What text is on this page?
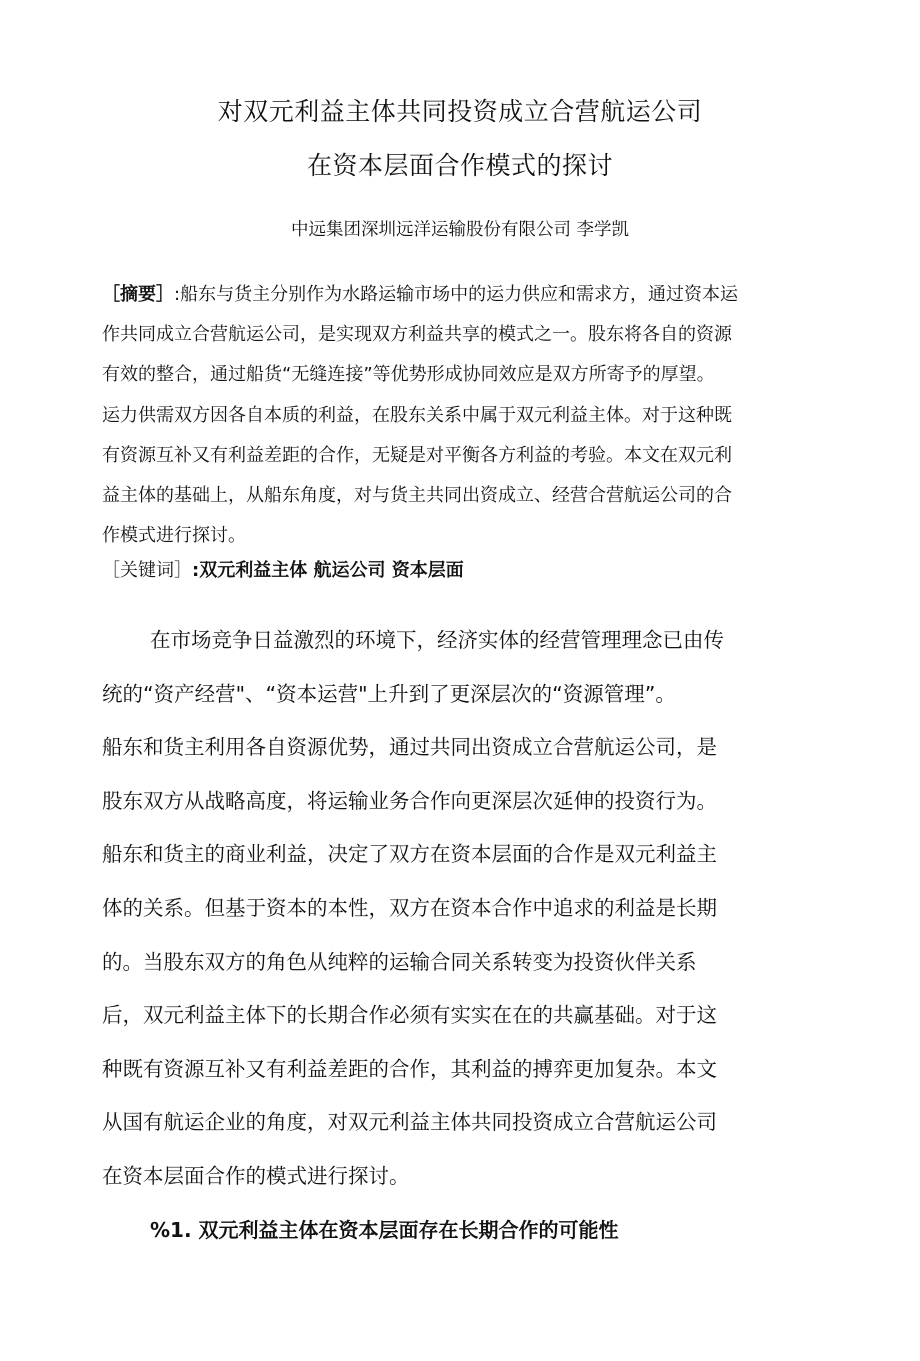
对双元利益主体共同投资成立合营航运公司
在资本层面合作模式的探讨
中远集团深圳远洋运输股份有限公司 李学凯
［摘要］:船东与货主分别作为水路运输市场中的运力供应和需求方，通过资本运
作共同成立合营航运公司，是实现双方利益共享的模式之一。股东将各自的资源
有效的整合，通过船货“无缝连接”等优势形成协同效应是双方所寄予的厚望。
运力供需双方因各自本质的利益，在股东关系中属于双元利益主体。对于这种既
有资源互补又有利益差距的合作，无疑是对平衡各方利益的考验。本文在双元利
益主体的基础上，从船东角度，对与货主共同出资成立、经营合营航运公司的合
作模式进行探讨。
［关键词］:双元利益主体 航运公司 资本层面
在市场竞争日益激烈的环境下，经济实体的经营管理理念已由传
统的“资产经营"、“资本运营"上升到了更深层次的“资源管理”。
船东和货主利用各自资源优势，通过共同出资成立合营航运公司，是
股东双方从战略高度，将运输业务合作向更深层次延伸的投资行为。
船东和货主的商业利益，决定了双方在资本层面的合作是双元利益主
体的关系。但基于资本的本性，双方在资本合作中追求的利益是长期
的。当股东双方的角色从纯粹的运输合同关系转变为投资伙伴关系
后，双元利益主体下的长期合作必须有实实在在的共赢基础。对于这
种既有资源互补又有利益差距的合作，其利益的搏弈更加复杂。本文
从国有航运企业的角度，对双元利益主体共同投资成立合营航运公司
在资本层面合作的模式进行探讨。
%1. 双元利益主体在资本层面存在长期合作的可能性
